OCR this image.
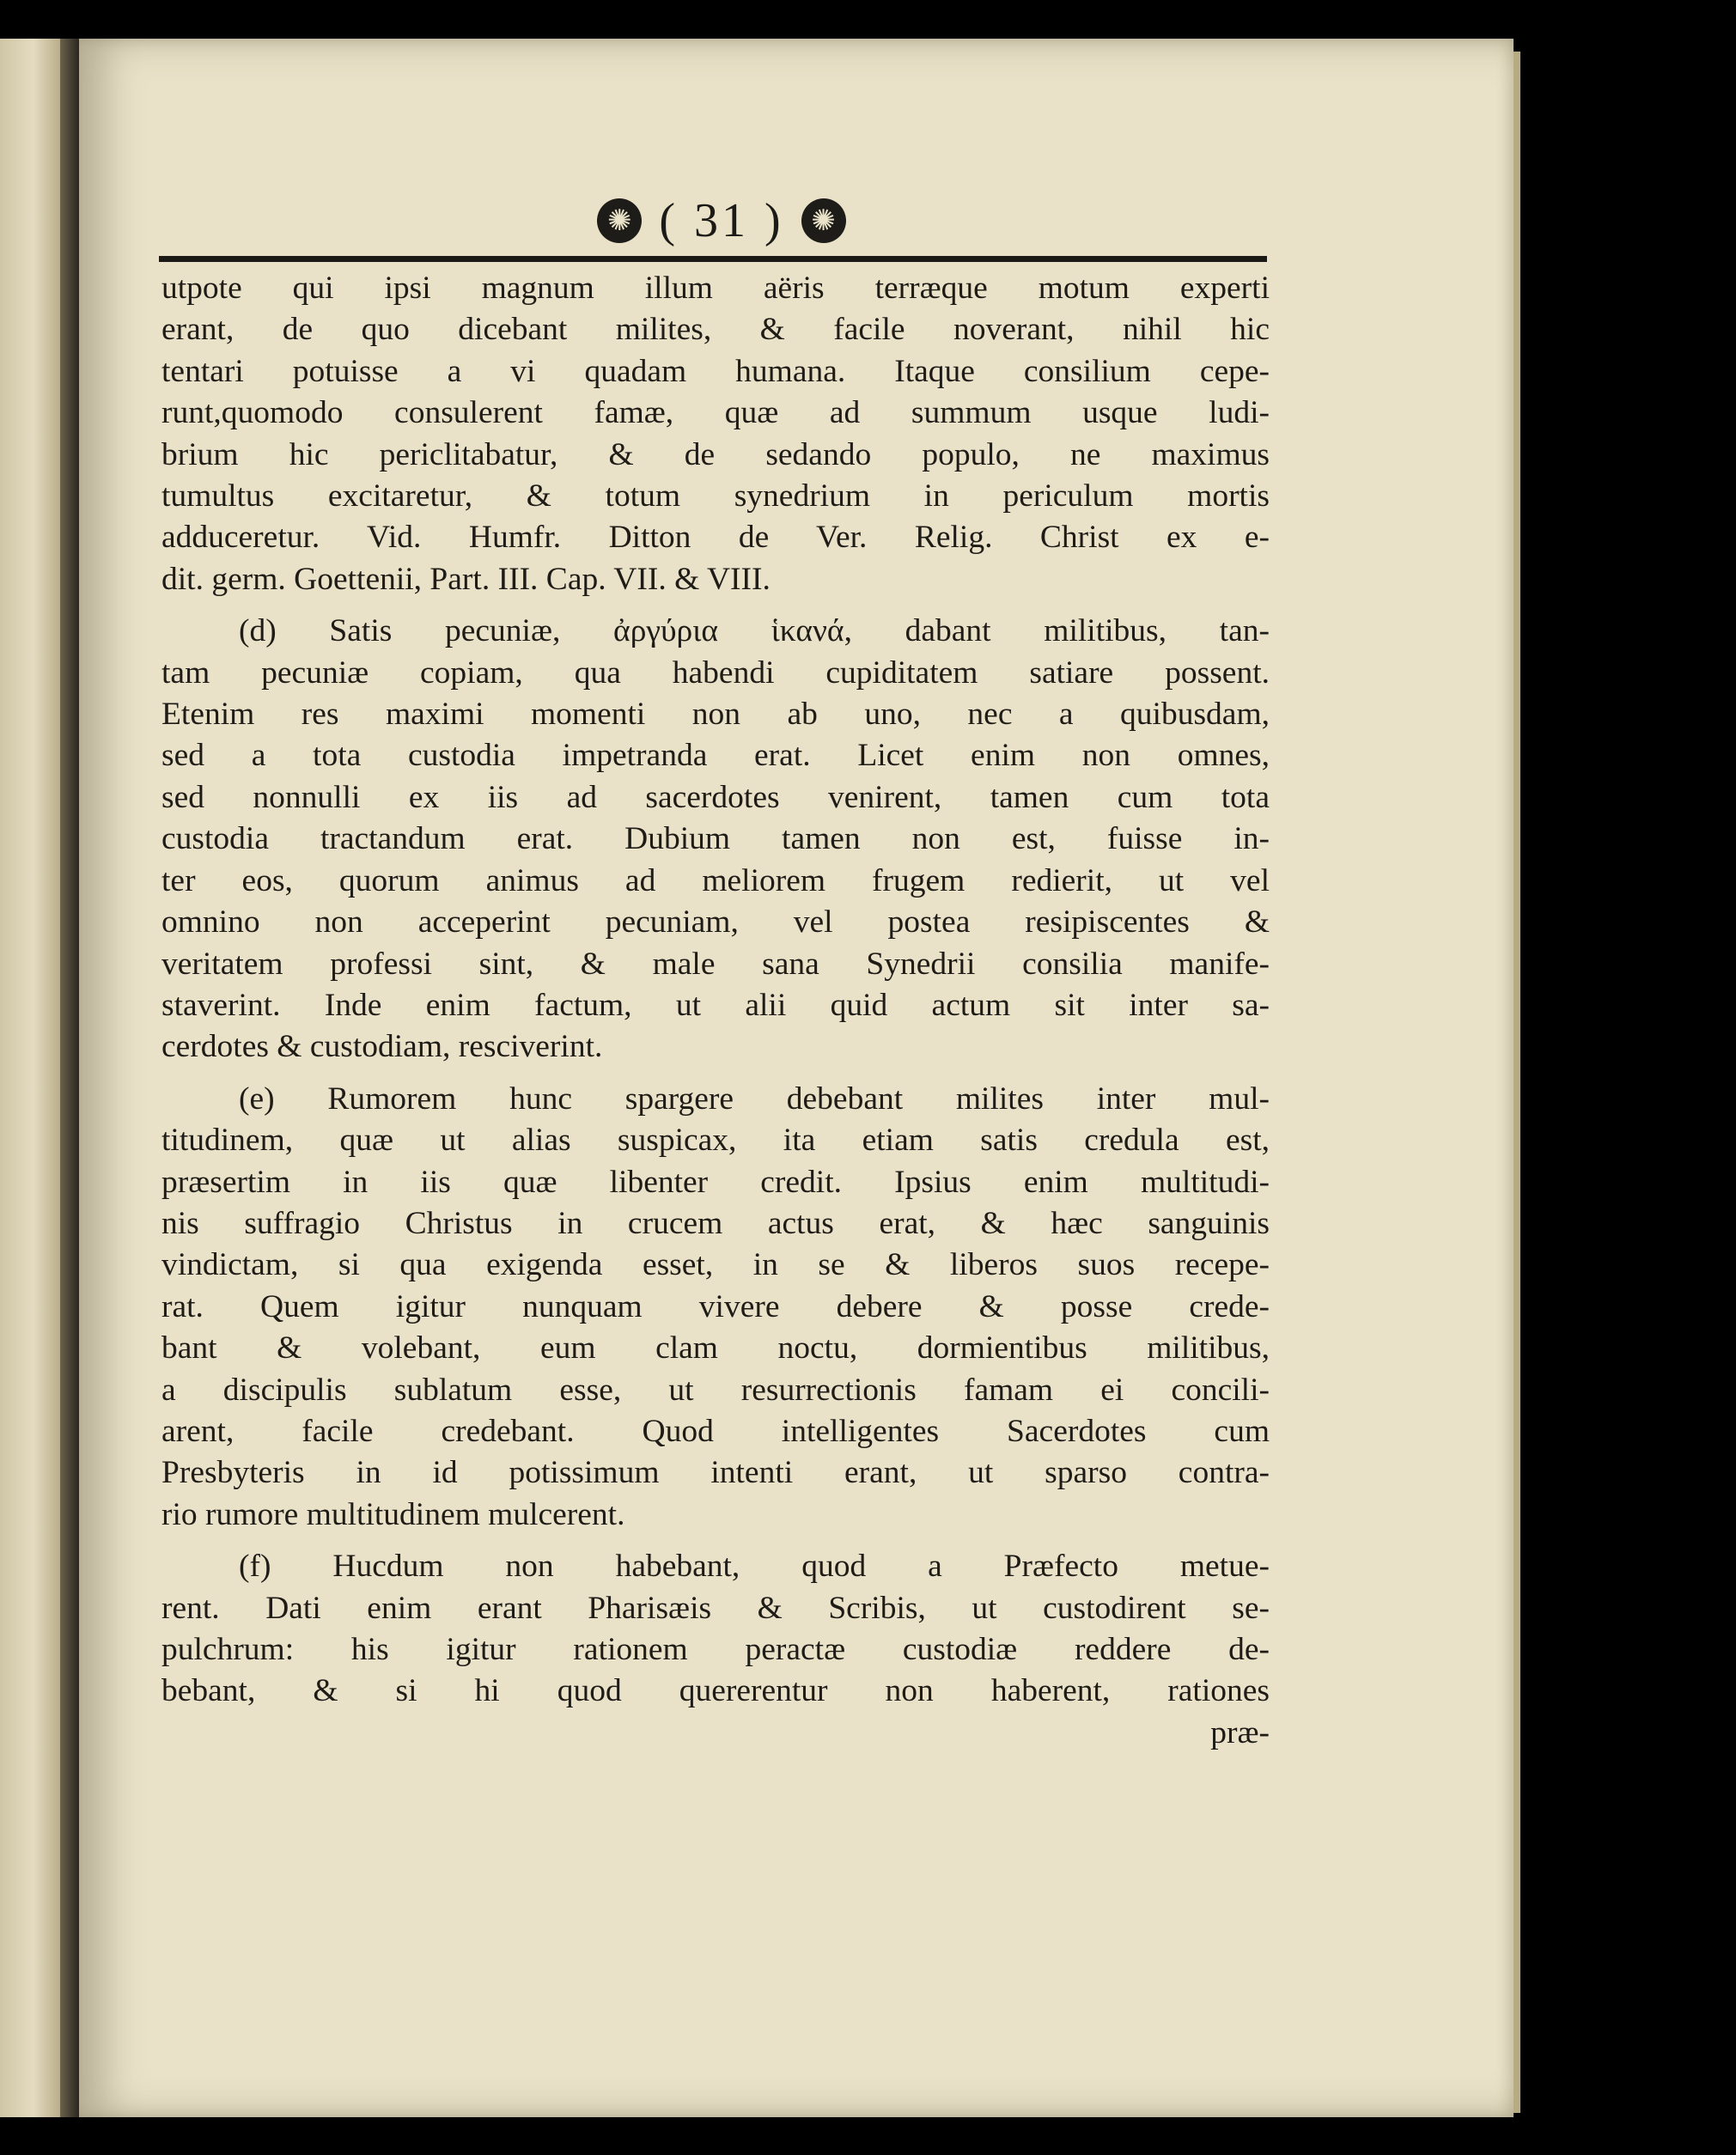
✺ ( 31 ) ✺
utpote qui ipsi magnum illum aëris terræque motum experti
erant, de quo dicebant milites, & facile noverant, nihil hic
tentari potuisse a vi quadam humana. Itaque consilium cepe-
runt,quomodo consulerent famæ, quæ ad summum usque ludi-
brium hic periclitabatur, & de sedando populo, ne maximus
tumultus excitaretur, & totum synedrium in periculum mortis
adduceretur. Vid. Humfr. Ditton de Ver. Relig. Christ ex e-
dit. germ. Goettenii, Part. III. Cap. VII. & VIII.
(d) Satis pecuniæ, ἀργύρια ἱκανά, dabant militibus, tan-
tam pecuniæ copiam, qua habendi cupiditatem satiare possent.
Etenim res maximi momenti non ab uno, nec a quibusdam,
sed a tota custodia impetranda erat. Licet enim non omnes,
sed nonnulli ex iis ad sacerdotes venirent, tamen cum tota
custodia tractandum erat. Dubium tamen non est, fuisse in-
ter eos, quorum animus ad meliorem frugem redierit, ut vel
omnino non acceperint pecuniam, vel postea resipiscentes &
veritatem professi sint, & male sana Synedrii consilia manife-
staverint. Inde enim factum, ut alii quid actum sit inter sa-
cerdotes & custodiam, resciverint.
(e) Rumorem hunc spargere debebant milites inter mul-
titudinem, quæ ut alias suspicax, ita etiam satis credula est,
præsertim in iis quæ libenter credit. Ipsius enim multitudi-
nis suffragio Christus in crucem actus erat, & hæc sanguinis
vindictam, si qua exigenda esset, in se & liberos suos recepe-
rat. Quem igitur nunquam vivere debere & posse crede-
bant & volebant, eum clam noctu, dormientibus militibus,
a discipulis sublatum esse, ut resurrectionis famam ei concili-
arent, facile credebant. Quod intelligentes Sacerdotes cum
Presbyteris in id potissimum intenti erant, ut sparso contra-
rio rumore multitudinem mulcerent.
(f) Hucdum non habebant, quod a Præfecto metue-
rent. Dati enim erant Pharisæis & Scribis, ut custodirent se-
pulchrum: his igitur rationem peractæ custodiæ reddere de-
bebant, & si hi quod quererentur non haberent, rationes
præ-
